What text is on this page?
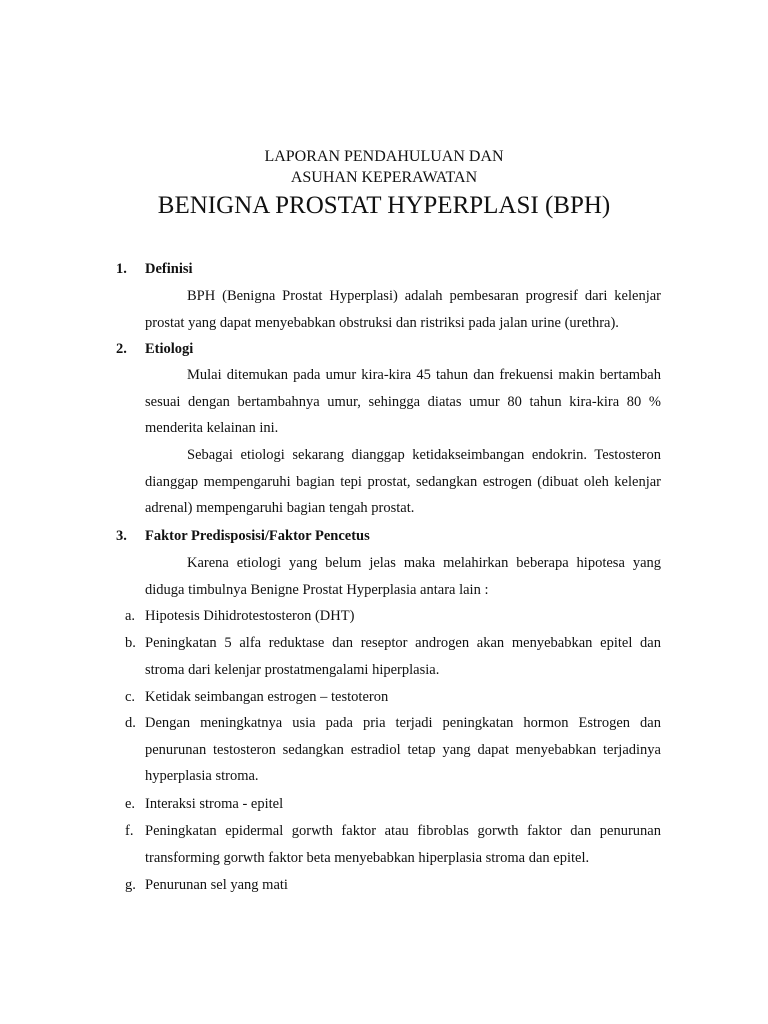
LAPORAN PENDAHULUAN DAN
ASUHAN KEPERAWATAN
BENIGNA PROSTAT HYPERPLASI (BPH)
1. Definisi
BPH (Benigna Prostat Hyperplasi) adalah pembesaran progresif dari kelenjar prostat yang dapat menyebabkan obstruksi dan ristriksi pada jalan urine (urethra).
2. Etiologi
Mulai ditemukan pada umur kira-kira 45 tahun dan frekuensi makin bertambah sesuai dengan bertambahnya umur, sehingga diatas umur 80 tahun kira-kira 80 % menderita kelainan ini.
Sebagai etiologi sekarang dianggap ketidakseimbangan endokrin. Testosteron dianggap mempengaruhi bagian tepi prostat, sedangkan estrogen (dibuat oleh kelenjar adrenal) mempengaruhi bagian tengah prostat.
3. Faktor Predisposisi/Faktor Pencetus
Karena etiologi yang belum jelas maka melahirkan beberapa hipotesa yang diduga timbulnya Benigne Prostat Hyperplasia antara lain :
a. Hipotesis Dihidrotestosteron (DHT)
b. Peningkatan 5 alfa reduktase dan reseptor androgen akan menyebabkan epitel dan stroma dari kelenjar prostatmengalami hiperplasia.
c. Ketidak seimbangan estrogen – testoteron
d. Dengan meningkatnya usia pada pria terjadi peningkatan hormon Estrogen dan penurunan testosteron sedangkan estradiol tetap yang dapat menyebabkan terjadinya hyperplasia stroma.
e. Interaksi stroma - epitel
f. Peningkatan epidermal gorwth faktor atau fibroblas gorwth faktor dan penurunan transforming gorwth faktor beta menyebabkan hiperplasia stroma dan epitel.
g. Penurunan sel yang mati
